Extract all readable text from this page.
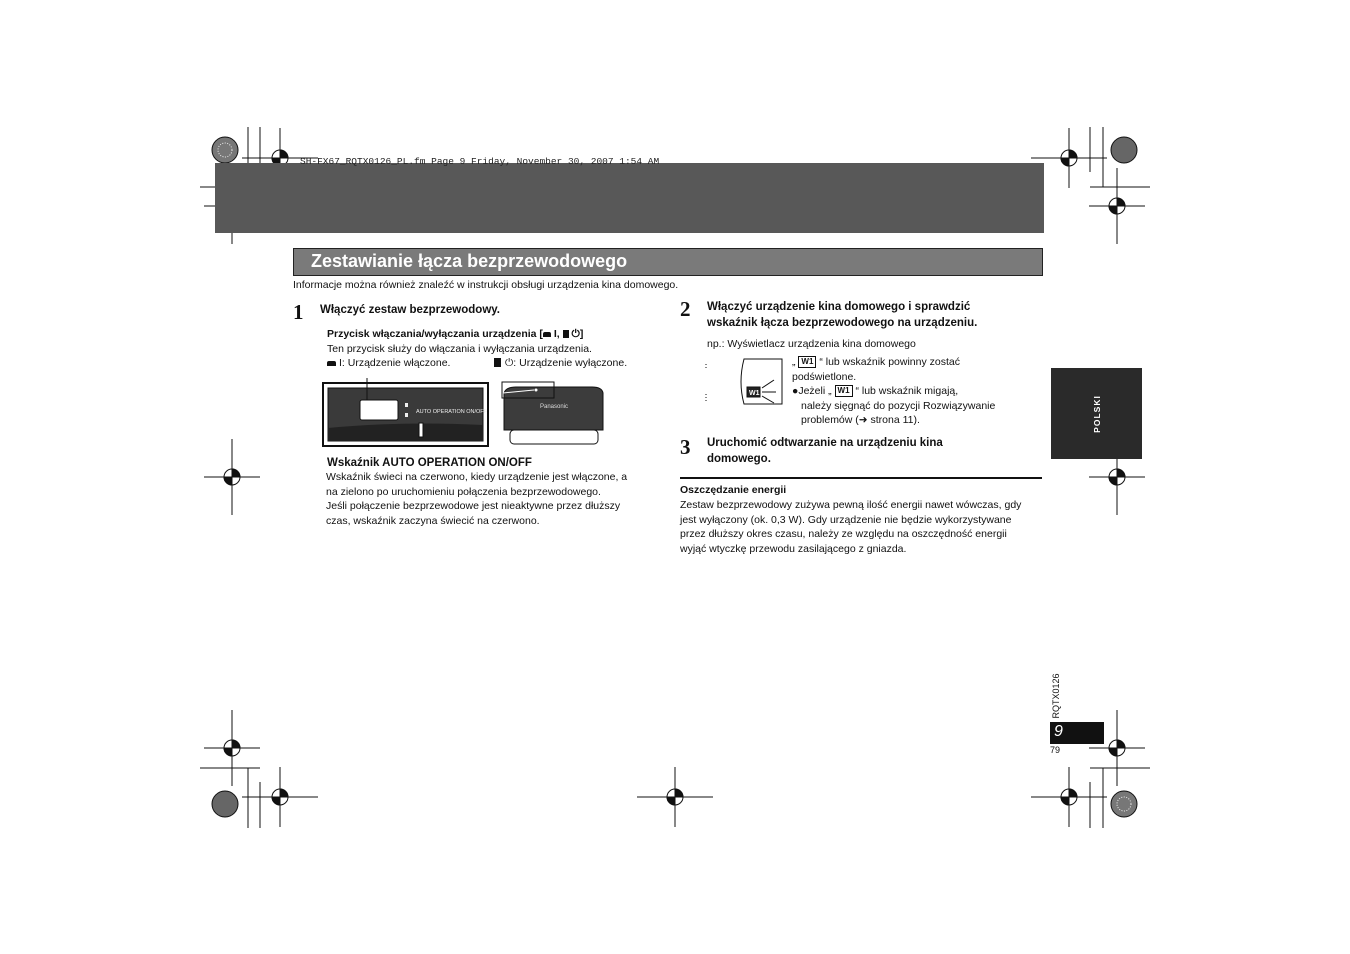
SH-FX67_RQTX0126_PL.fm Page 9 Friday, November 30, 2007 1:54 AM
Zestawianie łącza bezprzewodowego
Informacje można również znaleźć w instrukcji obsługi urządzenia kina domowego.
1 Włączyć zestaw bezprzewodowy.
Przycisk włączania/wyłączania urządzenia [ I,  ⏻]
Ten przycisk służy do włączania i wyłączania urządzenia.
I: Urządzenie włączone.	⏻: Urządzenie wyłączone.
AUTO OPERATION ON/OFF
Panasonic
Wskaźnik AUTO OPERATION ON/OFF
Wskaźnik świeci na czerwono, kiedy urządzenie jest włączone, a
na zielono po uruchomieniu połączenia bezprzewodowego.
Jeśli połączenie bezprzewodowe jest nieaktywne przez dłuższy
czas, wskaźnik zaczyna świecić na czerwono.
2 Włączyć urządzenie kina domowego i sprawdzić
wskaźnik łącza bezprzewodowego na urządzeniu.
np.: Wyświetlacz urządzenia kina domowego
W1
„ W1 “ lub wskaźnik powinny zostać
podświetlone.
●Jeżeli „ W1 “ lub wskaźnik migają,
należy sięgnąć do pozycji Rozwiązywanie
problemów (➜ strona 11).
3 Uruchomić odtwarzanie na urządzeniu kina
domowego.
Oszczędzanie energii
Zestaw bezprzewodowy zużywa pewną ilość energii nawet wówczas, gdy
jest wyłączony (ok. 0,3 W). Gdy urządzenie nie będzie wykorzystywane
przez dłuższy okres czasu, należy ze względu na oszczędność energii
wyjąć wtyczkę przewodu zasilającego z gniazda.
POLSKI
RQTX0126
9
79
